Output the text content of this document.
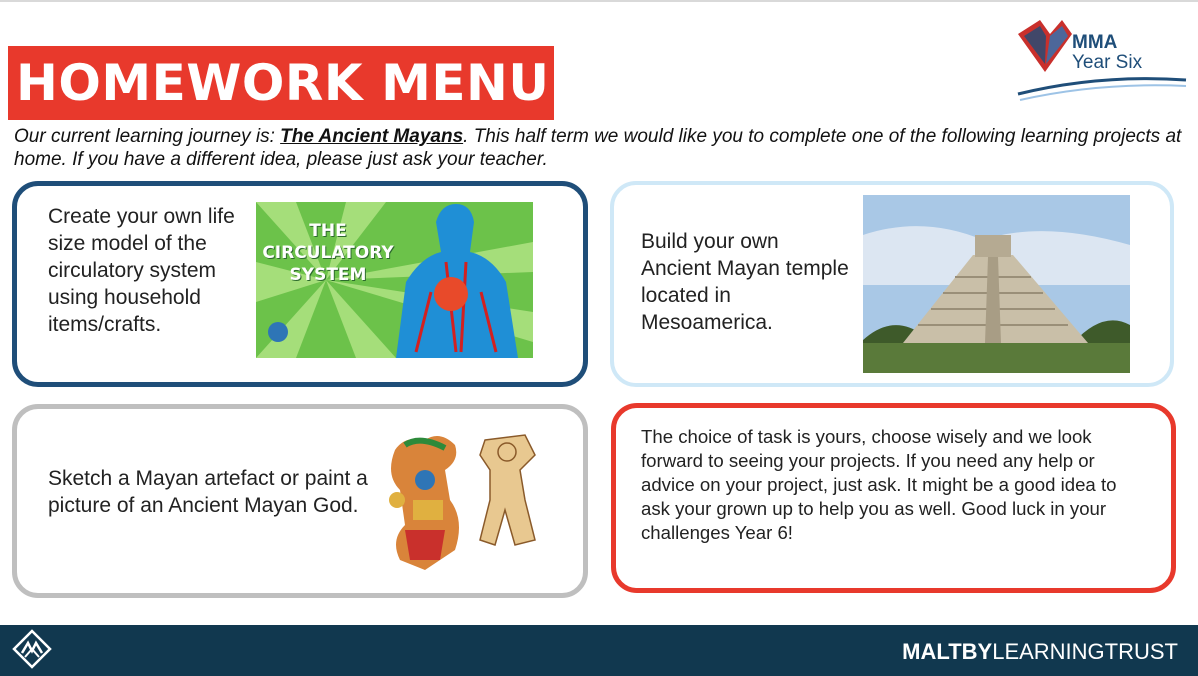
HOMEWORK MENU
MMA
Year Six
Our current learning journey is: The Ancient Mayans. This half term we would like you to complete one of the following learning projects at home. If you have a different idea, please just ask your teacher.
Create your own life size model of the circulatory system using household items/crafts.
THE CIRCULATORY SYSTEM
Build your own Ancient Mayan temple located in Mesoamerica.
Sketch a Mayan artefact or paint a picture of an Ancient Mayan God.
The choice of task is yours, choose wisely and we look forward to seeing your projects. If you need any help or advice on your project, just ask. It might be a good idea to ask your grown up to help you as well. Good luck in your challenges Year 6!
MALTBYLEARNINGTRUST
